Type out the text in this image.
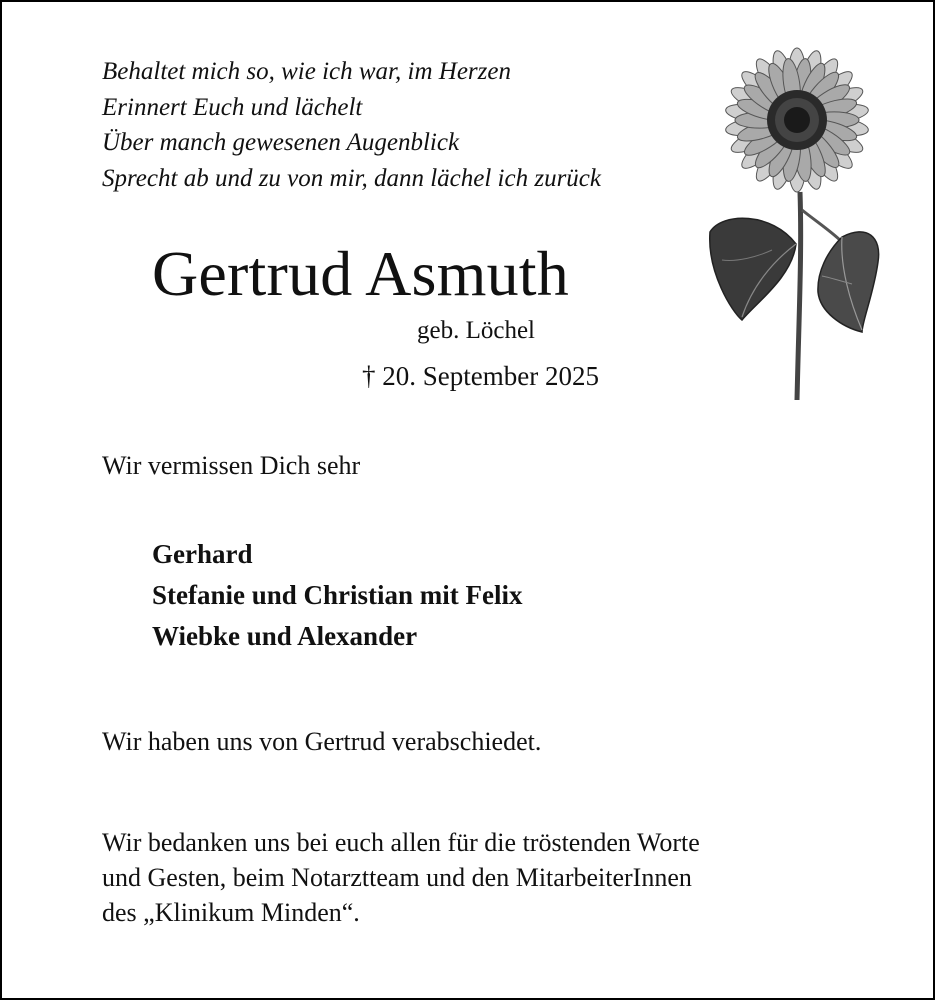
Behaltet mich so, wie ich war, im Herzen
Erinnert Euch und lächelt
Über manch gewesenen Augenblick
Sprecht ab und zu von mir, dann lächel ich zurück
Gertrud Asmuth
geb. Löchel
† 20. September 2025
Wir vermissen Dich sehr
Gerhard
Stefanie und Christian mit Felix
Wiebke und Alexander
Wir haben uns von Gertrud verabschiedet.
Wir bedanken uns bei euch allen für die tröstenden Worte
und Gesten, beim Notarztteam und den MitarbeiterInnen
des „Klinikum Minden“.
